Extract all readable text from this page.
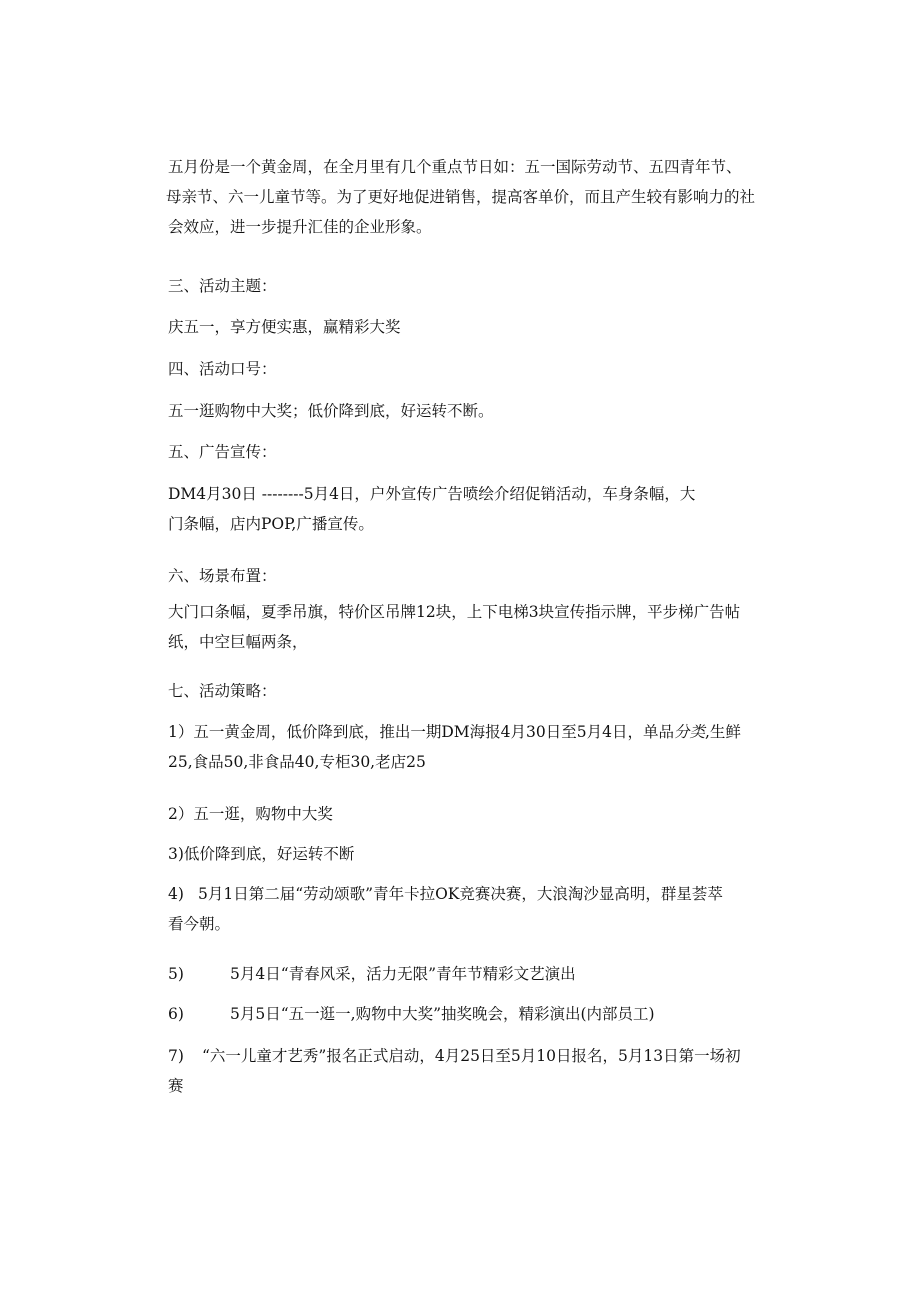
五月份是一个黄金周，在全月里有几个重点节日如：五一国际劳动节、五四青年节、
母亲节、六一儿童节等。为了更好地促进销售，提高客单价，而且产生较有影响力的社
会效应，进一步提升汇佳的企业形象。
三、活动主题：
庆五一，享方便实惠，赢精彩大奖
四、活动口号：
五一逛购物中大奖；低价降到底，好运转不断。
五、广告宣传：
DM4月30日 --------5月4日，户外宣传广告喷绘介绍促销活动，车身条幅，大
门条幅，店内POP,广播宣传。
六、场景布置：
大门口条幅，夏季吊旗，特价区吊牌12块，上下电梯3块宣传指示牌，平步梯广告帖
纸，中空巨幅两条，
七、活动策略：
1）五一黄金周，低价降到底，推出一期DM海报4月30日至5月4日，单品分类,生鲜
25,食品50,非食品40,专柜30,老店25
2）五一逛，购物中大奖
3)低价降到底，好运转不断
4) 5月1日第二届“劳动颂歌”青年卡拉OK竞赛决赛，大浪淘沙显高明，群星荟萃
看今朝。
5)	5月4日“青春风采，活力无限”青年节精彩文艺演出
6)	5月5日“五一逛一,购物中大奖”抽奖晚会，精彩演出(内部员工)
7) “六一儿童才艺秀”报名正式启动，4月25日至5月10日报名，5月13日第一场初
赛
